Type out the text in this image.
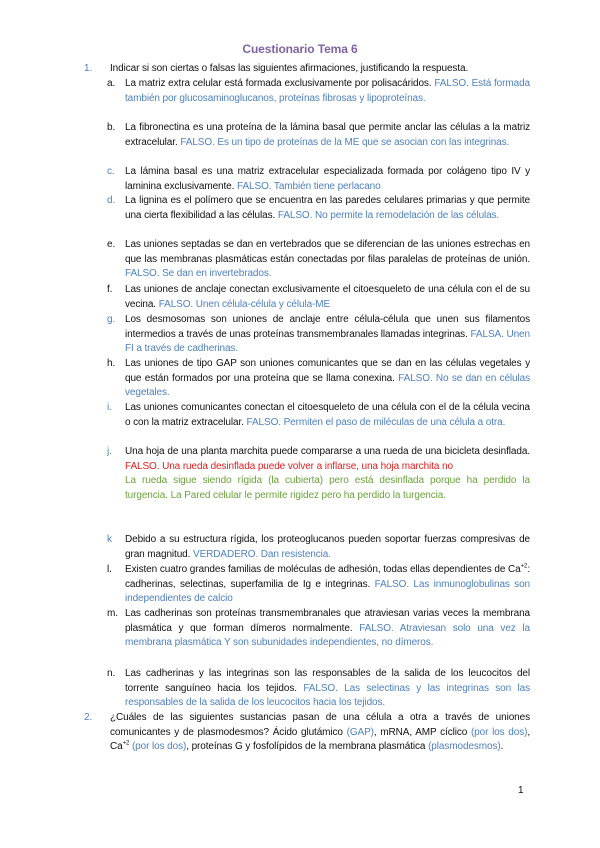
Cuestionario Tema 6
1. Indicar si son ciertas o falsas las siguientes afirmaciones, justificando la respuesta.
a. La matriz extra celular está formada exclusivamente por polisacáridos. FALSO. Está formada también por glucosaminoglucanos, proteínas fibrosas y lipoproteínas.
b. La fibronectina es una proteína de la lámina basal que permite anclar las células a la matriz extracelular. FALSO. Es un tipo de proteínas de la ME que se asocian con las integrinas.
c. La lámina basal es una matriz extracelular especializada formada por colágeno tipo IV y laminina exclusivamente. FALSO. También tiene perlacano
d. La lignina es el polímero que se encuentra en las paredes celulares primarias y que permite una cierta flexibilidad a las células. FALSO. No permite la remodelación de las células.
e. Las uniones septadas se dan en vertebrados que se diferencian de las uniones estrechas en que las membranas plasmáticas están conectadas por filas paralelas de proteínas de unión. FALSO. Se dan en invertebrados.
f. Las uniones de anclaje conectan exclusivamente el citoesqueleto de una célula con el de su vecina. FALSO. Unen célula-célula y célula-ME
g. Los desmosomas son uniones de anclaje entre célula-célula que unen sus filamentos intermedios a través de unas proteínas transmembranales llamadas integrinas. FALSA. Unen FI a través de cadherinas.
h. Las uniones de tipo GAP son uniones comunicantes que se dan en las células vegetales y que están formados por una proteína que se llama conexina. FALSO. No se dan en células vegetales.
i. Las uniones comunicantes conectan el citoesqueleto de una célula con el de la célula vecina o con la matriz extracelular. FALSO. Permiten el paso de miléculas de una célula a otra.
j. Una hoja de una planta marchita puede compararse a una rueda de una bicicleta desinflada. FALSO. Una rueda desinflada puede volver a inflarse, una hoja marchita no
La rueda sigue siendo rígida (la cubierta) pero está desinflada porque ha perdido la turgencia. La Pared celular le permite rigidez pero ha perdido la turgencia.
k Debido a su estructura rígida, los proteoglucanos pueden soportar fuerzas compresivas de gran magnitud. VERDADERO. Dan resistencia.
l. Existen cuatro grandes familias de moléculas de adhesión, todas ellas dependientes de $Ca^{+2}$: cadherinas, selectinas, superfamilia de Ig e integrinas. FALSO. Las inmunoglobulinas son independientes de calcio
m. Las cadherinas son proteínas transmembranales que atraviesan varias veces la membrana plasmática y que forman dímeros normalmente. FALSO. Atraviesan solo una vez la membrana plasmática Y son subunidades independientes, no dímeros.
n. Las cadherinas y las integrinas son las responsables de la salida de los leucocitos del torrente sanguíneo hacia los tejidos. FALSO. Las selectinas y las integrinas son las responsables de la salida de los leucocitos hacia los tejidos.
2. ¿Cuáles de las siguientes sustancias pasan de una célula a otra a través de uniones comunicantes y de plasmodesmos? Ácido glutámico (GAP), mRNA, AMP cíclico (por los dos), $Ca^{+2}$ (por los dos), proteínas G y fosfolípidos de la membrana plasmática (plasmodesmos).
1
